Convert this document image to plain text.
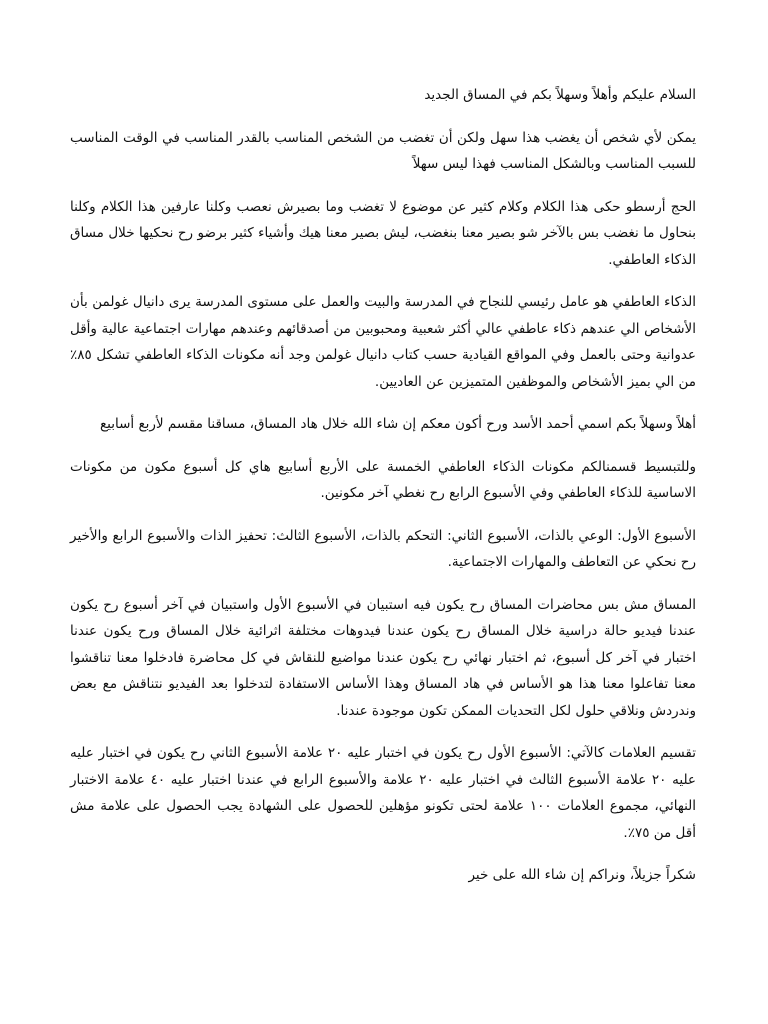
السلام عليكم وأهلاً وسهلاً بكم في المساق الجديد

يمكن لأي شخص أن يغضب هذا سهل ولكن أن تغضب من الشخص المناسب بالقدر المناسب في الوقت المناسب للسبب المناسب وبالشكل المناسب فهذا ليس سهلاً

الحج أرسطو حكى هذا الكلام وكلام كثير عن موضوع لا تغضب وما بصيرش نعصب وكلنا عارفين هذا الكلام وكلنا بنحاول ما نغضب بس بالآخر شو بصير معنا بنغضب، ليش بصير معنا هيك وأشياء كثير برضو رح نحكيها خلال مساق الذكاء العاطفي.

الذكاء العاطفي هو عامل رئيسي للنجاح في المدرسة والبيت والعمل على مستوى المدرسة يرى دانيال غولمن بأن الأشخاص الي عندهم ذكاء عاطفي عالي أكثر شعبية ومحبوبين من أصدقائهم وعندهم مهارات اجتماعية عالية وأقل عدوانية وحتى بالعمل وفي المواقع القيادية حسب كتاب دانيال غولمن وجد أنه مكونات الذكاء العاطفي تشكل ٨٥٪ من الي بميز الأشخاص والموظفين المتميزين عن العاديين.

أهلاً وسهلاً بكم اسمي أحمد الأسد ورح أكون معكم إن شاء الله خلال هاد المساق، مساقنا مقسم لأربع أسابيع

وللتبسيط قسمنالكم مكونات الذكاء العاطفي الخمسة على الأربع أسابيع هاي كل أسبوع مكون من مكونات الاساسية للذكاء العاطفي وفي الأسبوع الرابع رح نغطي آخر مكونين.

الأسبوع الأول: الوعي بالذات، الأسبوع الثاني: التحكم بالذات، الأسبوع الثالث: تحفيز الذات والأسبوع الرابع والأخير رح نحكي عن التعاطف والمهارات الاجتماعية.

المساق مش بس محاضرات المساق رح يكون فيه استبيان في الأسبوع الأول واستبيان في آخر أسبوع رح يكون عندنا فيديو حالة دراسية خلال المساق رح يكون عندنا فيدوهات مختلفة اثرائية خلال المساق ورح يكون عندنا اختبار في آخر كل أسبوع، ثم اختبار نهائي رح يكون عندنا مواضيع للنقاش في كل محاضرة فادخلوا معنا تناقشوا معنا تفاعلوا معنا هذا هو الأساس في هاد المساق وهذا الأساس الاستفادة لتدخلوا بعد الفيديو نتناقش مع بعض وندردش ونلاقي حلول لكل التحديات الممكن تكون موجودة عندنا.

تقسيم العلامات كالآتي: الأسبوع الأول رح يكون في اختبار عليه ٢٠ علامة الأسبوع الثاني رح يكون في اختبار عليه عليه ٢٠ علامة الأسبوع الثالث في اختبار عليه ٢٠ علامة والأسبوع الرابع في عندنا اختبار عليه ٤٠ علامة الاختبار النهائي، مجموع العلامات ١٠٠ علامة لحتى تكونو مؤهلين للحصول على الشهادة يجب الحصول على علامة مش أقل من ٧٥٪.

شكراً جزيلاً، ونراكم إن شاء الله على خير
